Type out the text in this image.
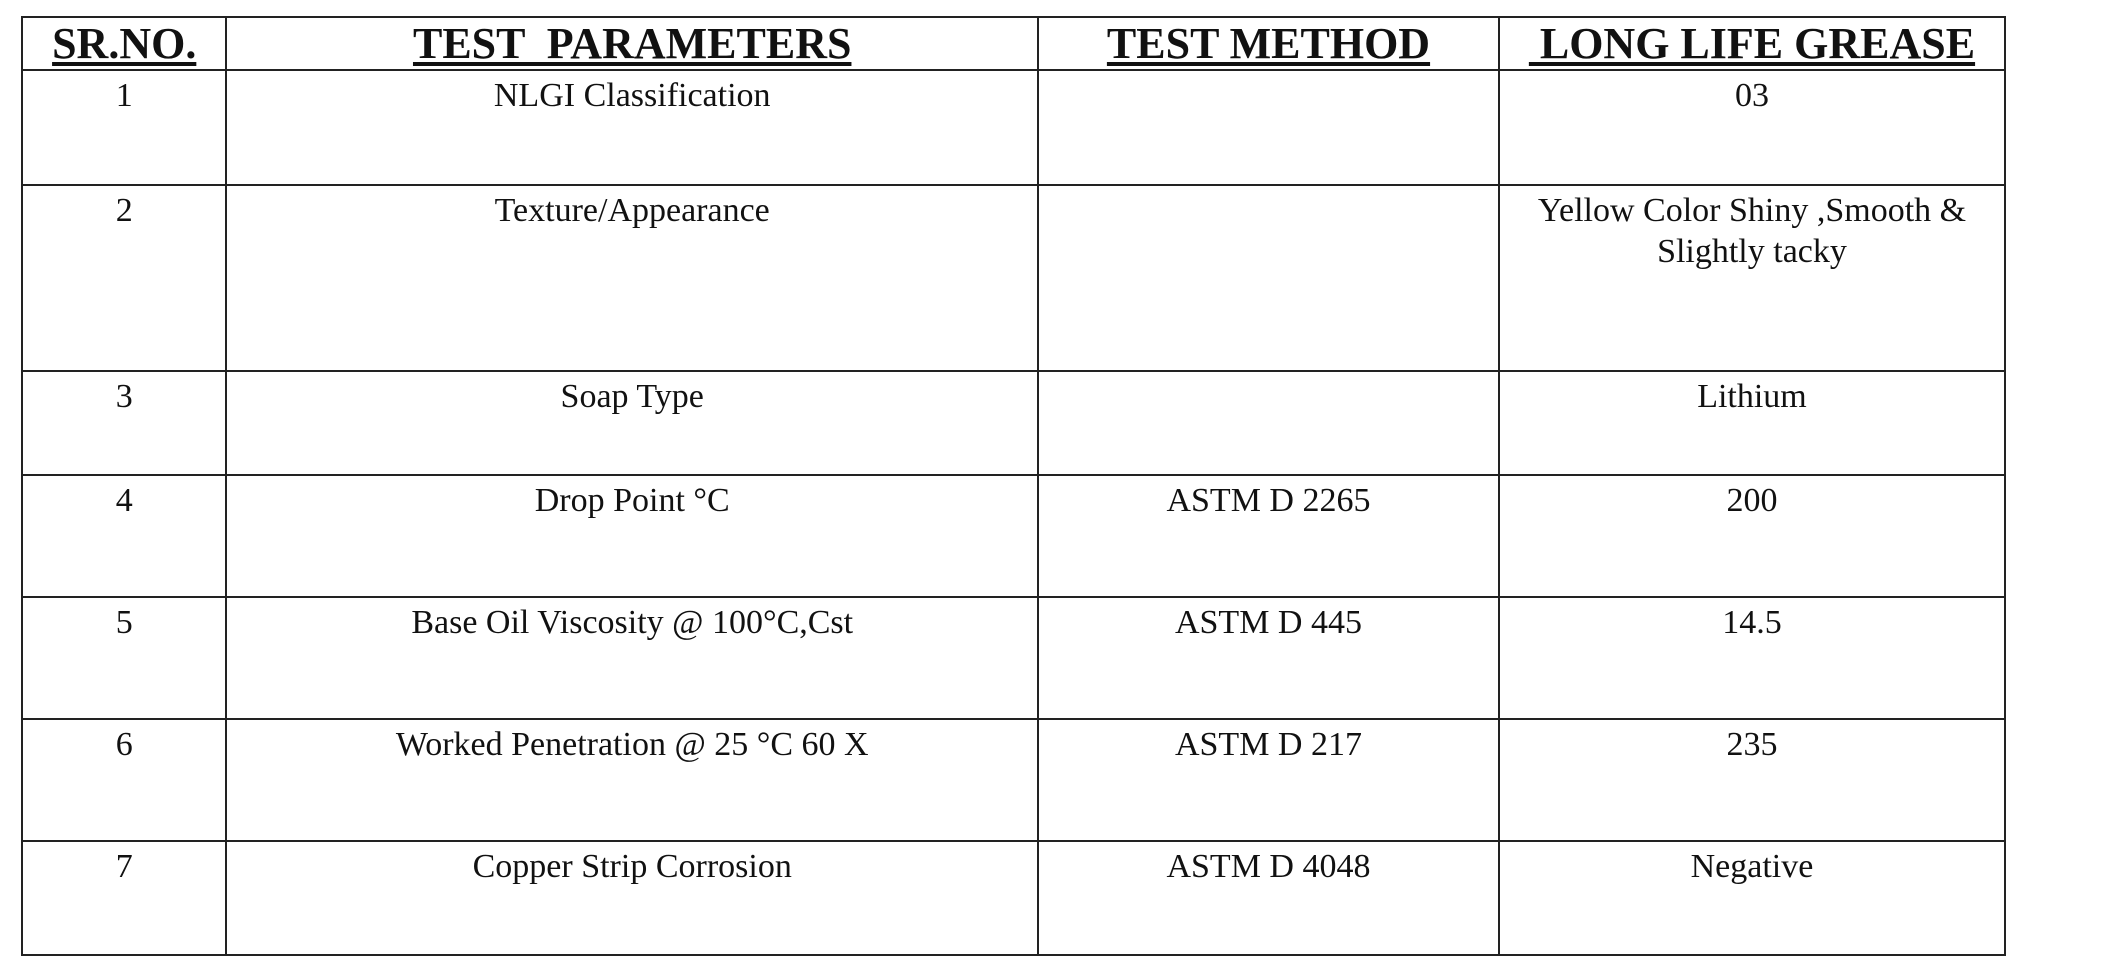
SR.NO.	TEST  PARAMETERS	TEST METHOD	LONG LIFE GREASE

1	NLGI Classification		03

2	Texture/Appearance		Yellow Color Shiny ,Smooth & Slightly tacky

3	Soap Type		Lithium

4	Drop Point °C	ASTM D 2265	200

5	Base Oil Viscosity @ 100°C,Cst	ASTM D 445	14.5

6	Worked Penetration @ 25 °C 60 X	ASTM D 217	235

7	Copper Strip Corrosion	ASTM D 4048	Negative
